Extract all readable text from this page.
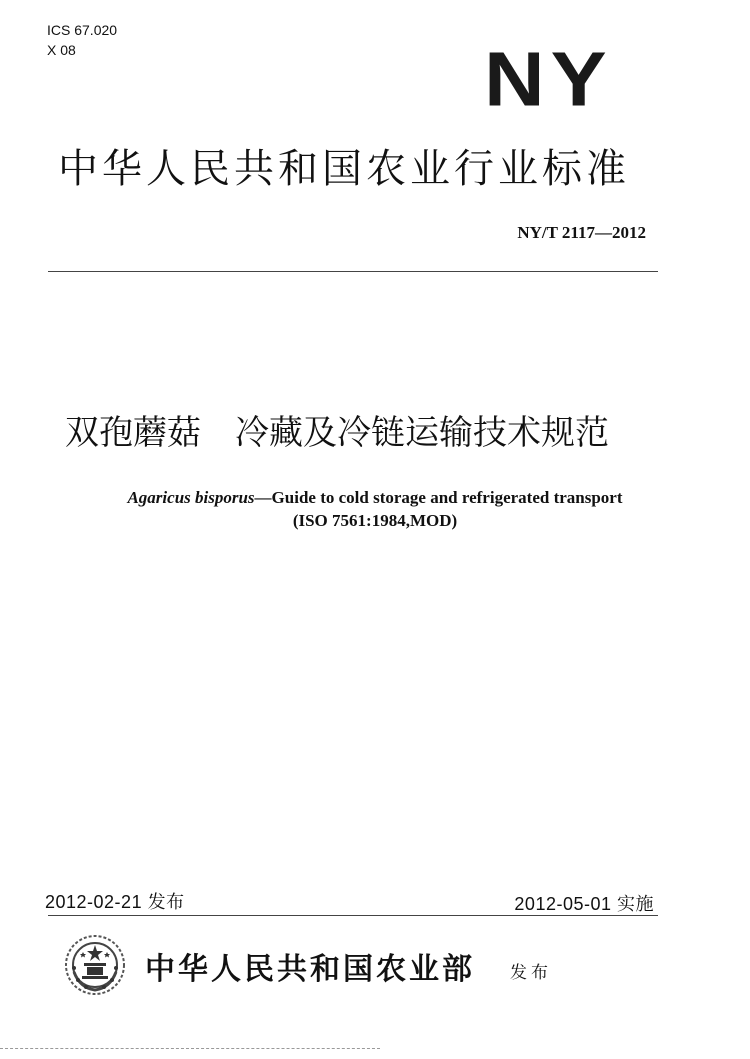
ICS 67.020
X 08	NY
中华人民共和国农业行业标准
NY/T 2117—2012
双孢蘑菇　冷藏及冷链运输技术规范
Agaricus bisporus—Guide to cold storage and refrigerated transport
(ISO 7561:1984,MOD)
2012-02-21 发布	2012-05-01 实施
中华人民共和国农业部 发布
